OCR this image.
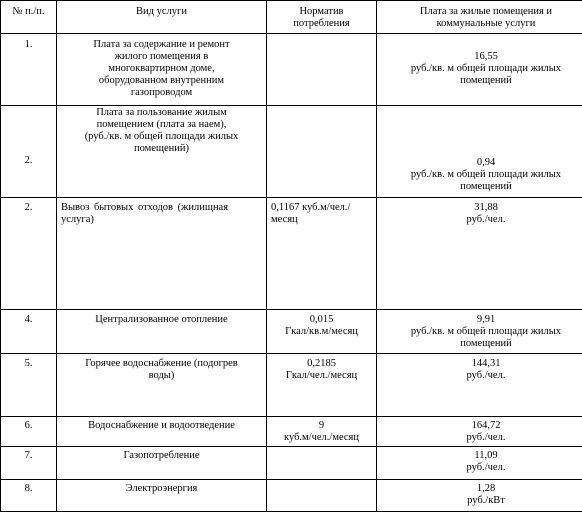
№ п./п.	Вид услуги	Норматив
потребления	Плата за жилые помещения и
коммунальные услуги

1.	Плата за содержание и ремонт
жилого помещения в
многоквартирном доме,
оборудованном внутренним
газопроводом		16,55
руб./кв. м общей площади жилых
помещений

2.	Плата за пользование жилым
помещением (плата за наем),
(руб./кв. м общей площади жилых
помещений)		0,94
руб./кв. м общей площади жилых
помещений

2.	Вывоз бытовых отходов (жилищная
услуга)	0,1167 куб.м/чел./
месяц	31,88
руб./чел.

4.	Централизованное отопление	0,015
Гкал/кв.м/месяц	9,91
руб./кв. м общей площади жилых
помещений

5.	Горячее водоснабжение (подогрев
воды)	0,2185
Гкал/чел./месяц	144,31
руб./чел.

6.	Водоснабжение и водоотведение	9
куб.м/чел./месяц	164,72
руб./чел.

7.	Газопотребление		11,09
руб./чел.

8.	Электроэнергия		1,28
руб./кВт
